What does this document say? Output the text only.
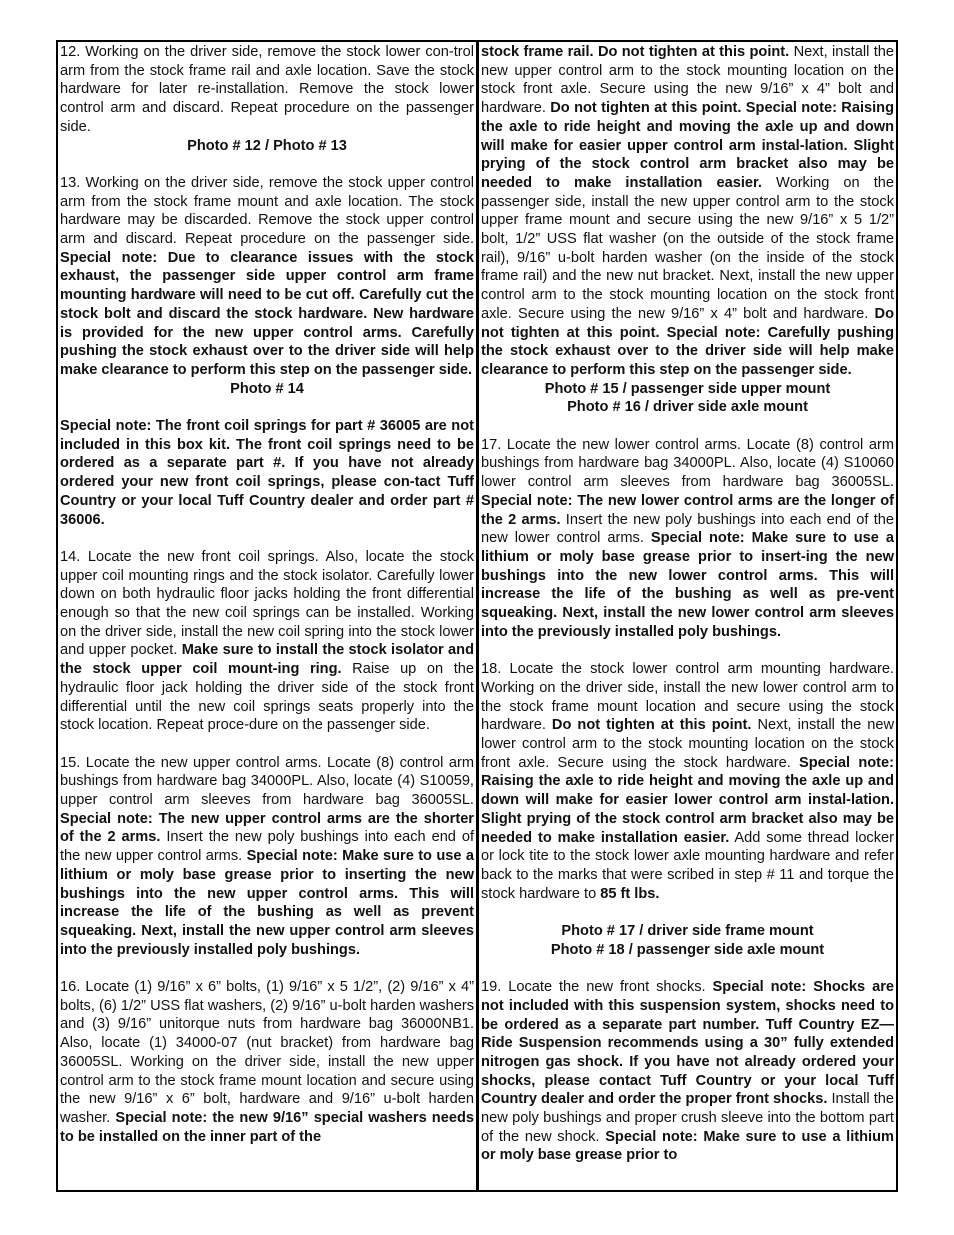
12. Working on the driver side, remove the stock lower con-trol arm from the stock frame rail and axle location. Save the stock hardware for later re-installation. Remove the stock lower control arm and discard. Repeat procedure on the passenger side.

Photo # 12 / Photo # 13

13. Working on the driver side, remove the stock upper control arm from the stock frame mount and axle location. The stock hardware may be discarded. Remove the stock upper control arm and discard. Repeat procedure on the passenger side. Special note: Due to clearance issues with the stock exhaust, the passenger side upper control arm frame mounting hardware will need to be cut off. Carefully cut the stock bolt and discard the stock hardware. New hardware is provided for the new upper control arms. Carefully pushing the stock exhaust over to the driver side will help make clearance to perform this step on the passenger side.

Photo # 14

Special note: The front coil springs for part # 36005 are not included in this box kit. The front coil springs need to be ordered as a separate part #. If you have not already ordered your new front coil springs, please con-tact Tuff Country or your local Tuff Country dealer and order part # 36006.

14. Locate the new front coil springs. Also, locate the stock upper coil mounting rings and the stock isolator. Carefully lower down on both hydraulic floor jacks holding the front differential enough so that the new coil springs can be installed. Working on the driver side, install the new coil spring into the stock lower and upper pocket. Make sure to install the stock isolator and the stock upper coil mount-ing ring. Raise up on the hydraulic floor jack holding the driver side of the stock front differential until the new coil springs seats properly into the stock location. Repeat proce-dure on the passenger side.

15. Locate the new upper control arms. Locate (8) control arm bushings from hardware bag 34000PL. Also, locate (4) S10059, upper control arm sleeves from hardware bag 36005SL. Special note: The new upper control arms are the shorter of the 2 arms. Insert the new poly bushings into each end of the new upper control arms. Special note: Make sure to use a lithium or moly base grease prior to inserting the new bushings into the new upper control arms. This will increase the life of the bushing as well as prevent squeaking. Next, install the new upper control arm sleeves into the previously installed poly bushings.

16. Locate (1) 9/16” x 6” bolts, (1) 9/16” x 5 1/2”, (2) 9/16” x 4” bolts, (6) 1/2” USS flat washers, (2) 9/16” u-bolt harden washers and (3) 9/16” unitorque nuts from hardware bag 36000NB1. Also, locate (1) 34000-07 (nut bracket) from hardware bag 36005SL. Working on the driver side, install the new upper control arm to the stock frame mount location and secure using the new 9/16” x 6” bolt, hardware and 9/16” u-bolt harden washer. Special note: the new 9/16” special washers needs to be installed on the inner part of the

stock frame rail. Do not tighten at this point. Next, install the new upper control arm to the stock mounting location on the stock front axle. Secure using the new 9/16” x 4” bolt and hardware. Do not tighten at this point. Special note: Raising the axle to ride height and moving the axle up and down will make for easier upper control arm instal-lation. Slight prying of the stock control arm bracket also may be needed to make installation easier. Working on the passenger side, install the new upper control arm to the stock upper frame mount and secure using the new 9/16” x 5 1/2” bolt, 1/2” USS flat washer (on the outside of the stock frame rail), 9/16” u-bolt harden washer (on the inside of the stock frame rail) and the new nut bracket. Next, install the new upper control arm to the stock mounting location on the stock front axle. Secure using the new 9/16” x 4” bolt and hardware. Do not tighten at this point. Special note: Carefully pushing the stock exhaust over to the driver side will help make clearance to perform this step on the passenger side.

Photo # 15 / passenger side upper mount

Photo # 16 / driver side axle mount

17. Locate the new lower control arms. Locate (8) control arm bushings from hardware bag 34000PL. Also, locate (4) S10060 lower control arm sleeves from hardware bag 36005SL. Special note: The new lower control arms are the longer of the 2 arms. Insert the new poly bushings into each end of the new lower control arms. Special note: Make sure to use a lithium or moly base grease prior to insert-ing the new bushings into the new lower control arms. This will increase the life of the bushing as well as pre-vent squeaking. Next, install the new lower control arm sleeves into the previously installed poly bushings.

18. Locate the stock lower control arm mounting hardware. Working on the driver side, install the new lower control arm to the stock frame mount location and secure using the stock hardware. Do not tighten at this point. Next, install the new lower control arm to the stock mounting location on the stock front axle. Secure using the stock hardware. Special note: Raising the axle to ride height and moving the axle up and down will make for easier lower control arm instal-lation. Slight prying of the stock control arm bracket also may be needed to make installation easier. Add some thread locker or lock tite to the stock lower axle mounting hardware and refer back to the marks that were scribed in step # 11 and torque the stock hardware to 85 ft lbs.

Photo # 17 / driver side frame mount

Photo # 18 / passenger side axle mount

19. Locate the new front shocks. Special note: Shocks are not included with this suspension system, shocks need to be ordered as a separate part number. Tuff Country EZ—Ride Suspension recommends using a 30” fully extended nitrogen gas shock. If you have not already ordered your shocks, please contact Tuff Country or your local Tuff Country dealer and order the proper front shocks. Install the new poly bushings and proper crush sleeve into the bottom part of the new shock. Special note: Make sure to use a lithium or moly base grease prior to
